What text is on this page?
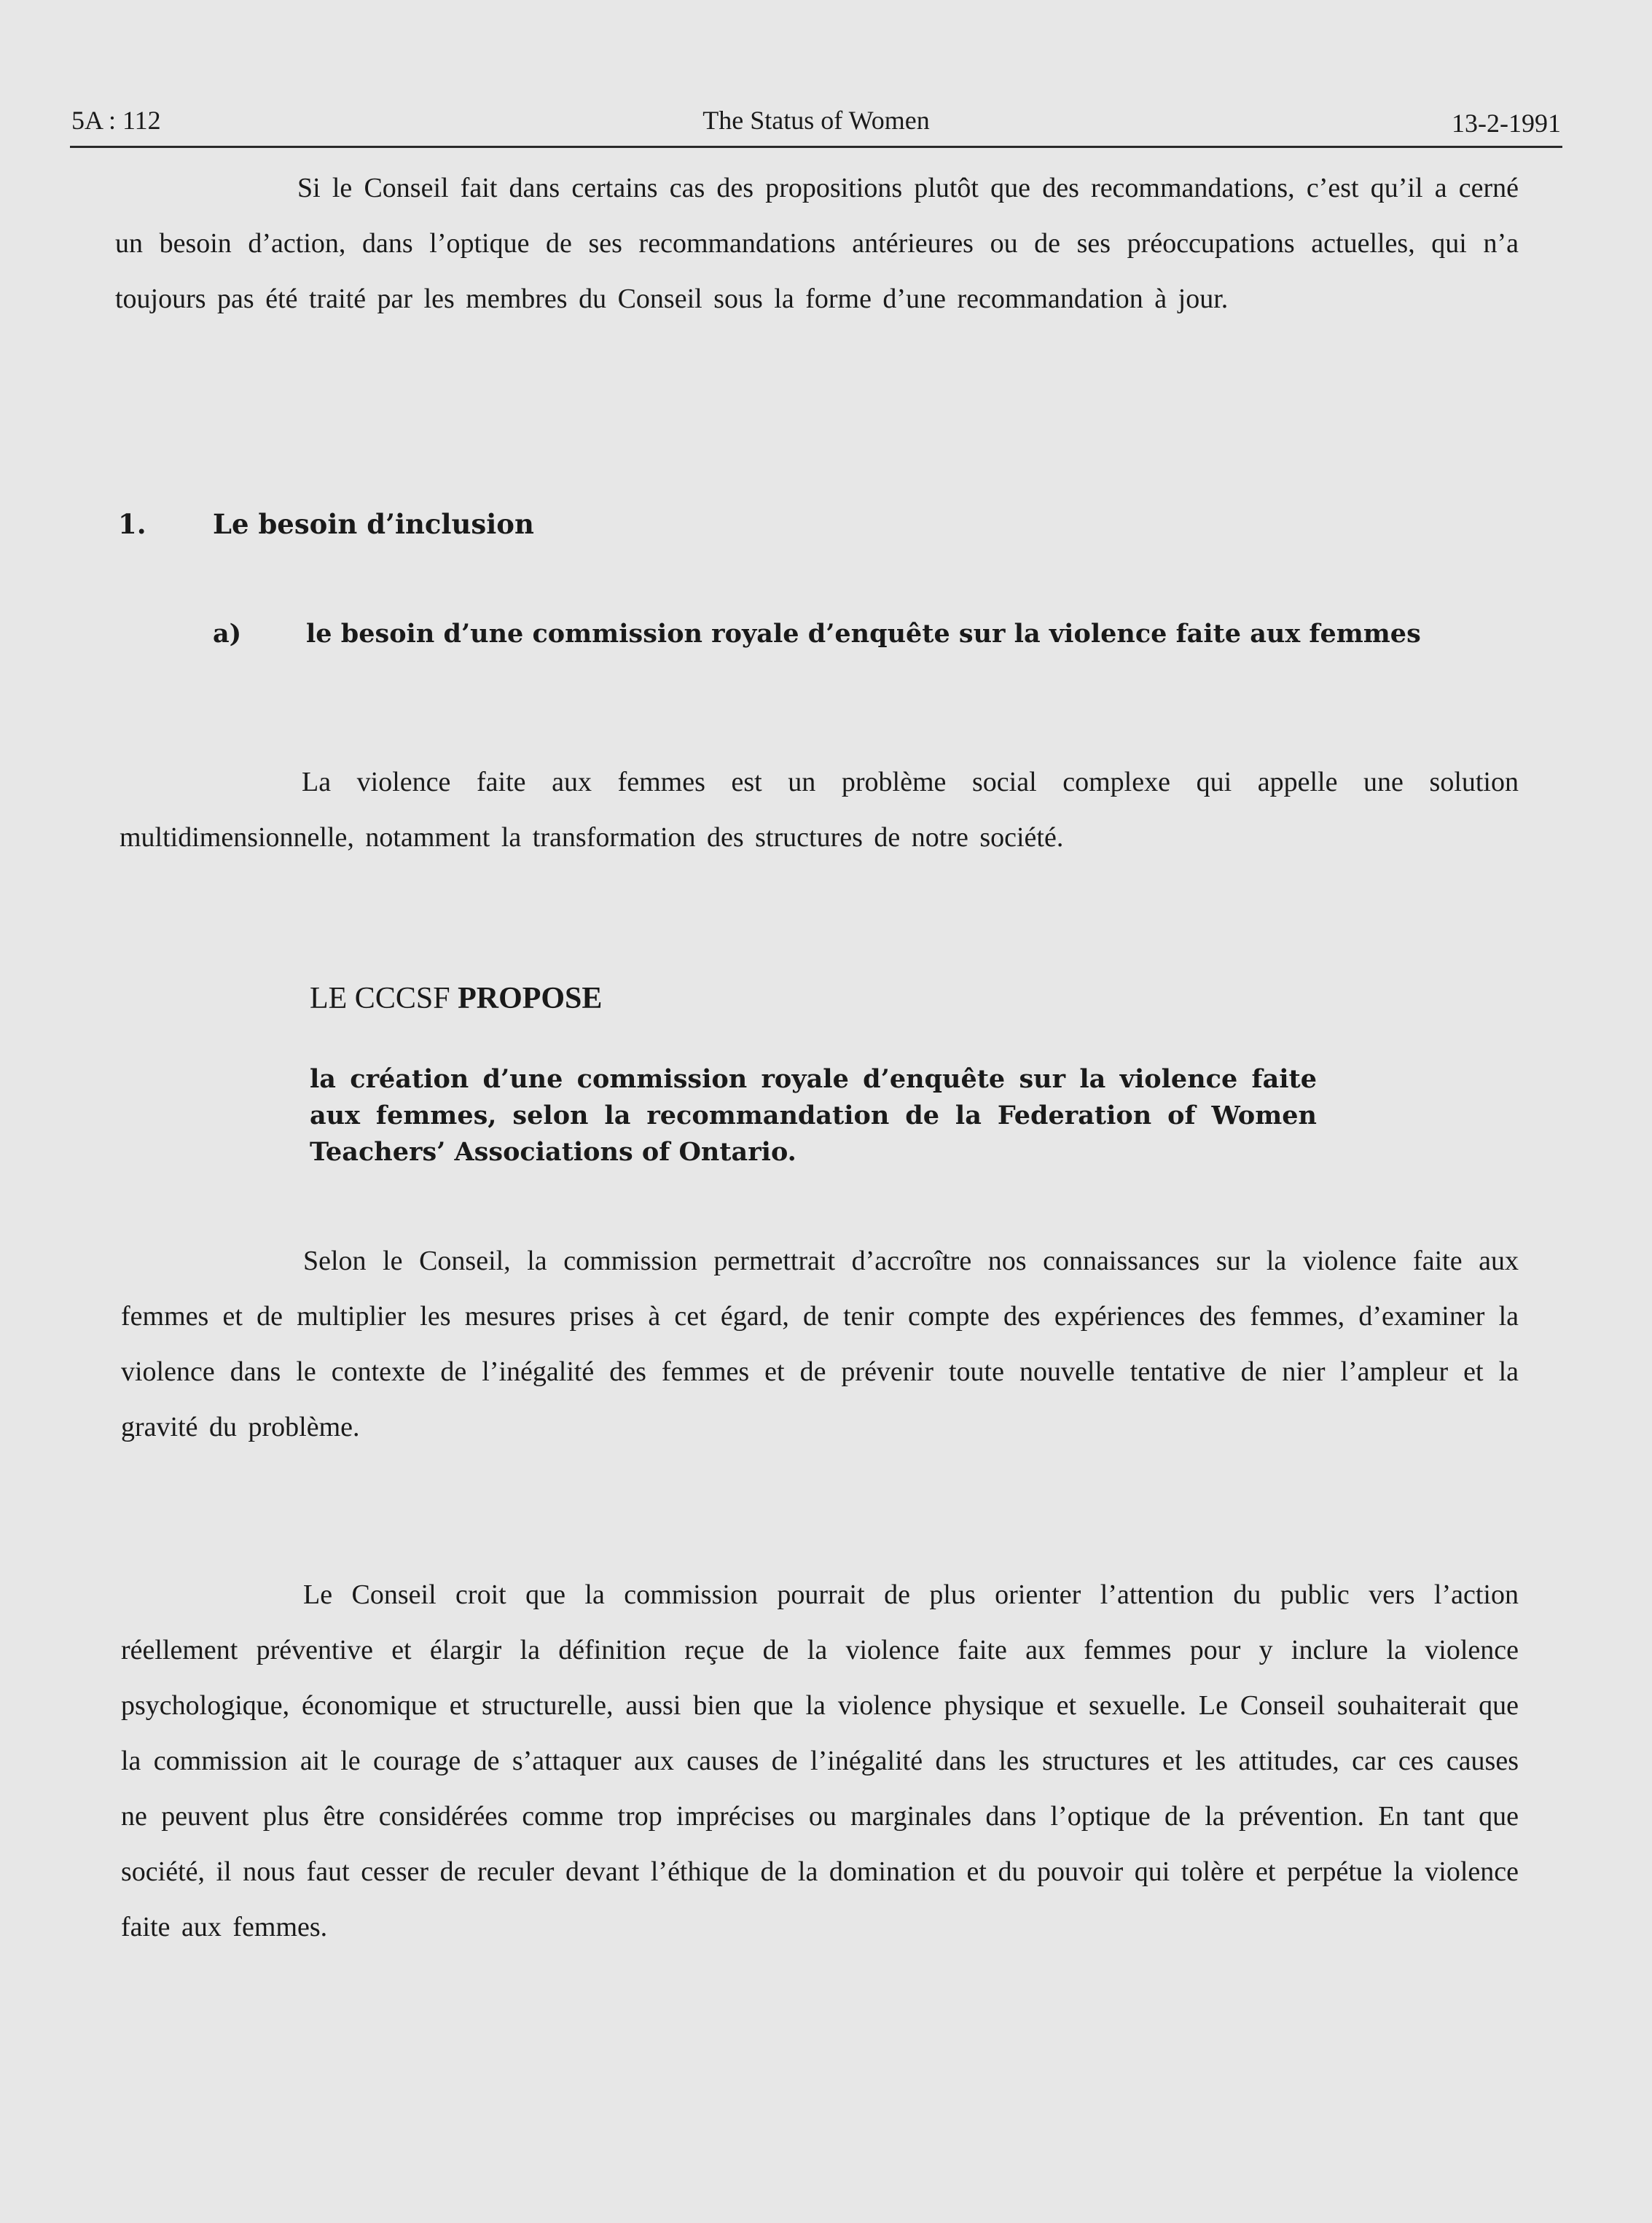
5A : 112	The Status of Women	13-2-1991

Si le Conseil fait dans certains cas des propositions plutôt que des recommandations, c’est qu’il a cerné un besoin d’action, dans l’optique de ses recommandations antérieures ou de ses préoccupations actuelles, qui n’a toujours pas été traité par les membres du Conseil sous la forme d’une recommandation à jour.

1. Le besoin d’inclusion
a)	le besoin d’une commission royale d’enquête sur la violence faite aux femmes

La violence faite aux femmes est un problème social complexe qui appelle une solution multidimensionnelle, notamment la transformation des structures de notre société.

LE CCCSF PROPOSE

la création d’une commission royale d’enquête sur la violence faite aux femmes, selon la recommandation de la Federation of Women Teachers’ Associations of Ontario.

Selon le Conseil, la commission permettrait d’accroître nos connaissances sur la violence faite aux femmes et de multiplier les mesures prises à cet égard, de tenir compte des expériences des femmes, d’examiner la violence dans le contexte de l’inégalité des femmes et de prévenir toute nouvelle tentative de nier l’ampleur et la gravité du problème.

Le Conseil croit que la commission pourrait de plus orienter l’attention du public vers l’action réellement préventive et élargir la définition reçue de la violence faite aux femmes pour y inclure la violence psychologique, économique et structurelle, aussi bien que la violence physique et sexuelle. Le Conseil souhaiterait que la commission ait le courage de s’attaquer aux causes de l’inégalité dans les structures et les attitudes, car ces causes ne peuvent plus être considérées comme trop imprécises ou marginales dans l’optique de la prévention. En tant que société, il nous faut cesser de reculer devant l’éthique de la domination et du pouvoir qui tolère et perpétue la violence faite aux femmes.
